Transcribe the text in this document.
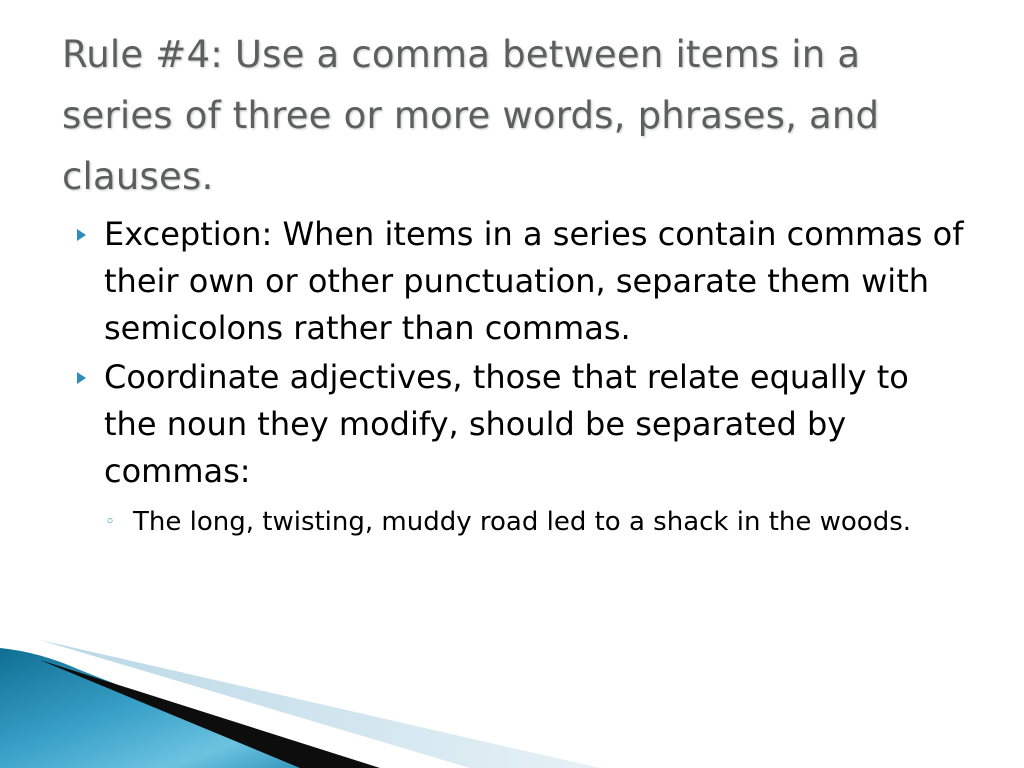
Rule #4: Use a comma between items in a series of three or more words, phrases, and clauses.
Exception: When items in a series contain commas of their own or other punctuation, separate them with semicolons rather than commas.
Coordinate adjectives, those that relate equally to the noun they modify, should be separated by commas:
◦ The long, twisting, muddy road led to a shack in the woods.
